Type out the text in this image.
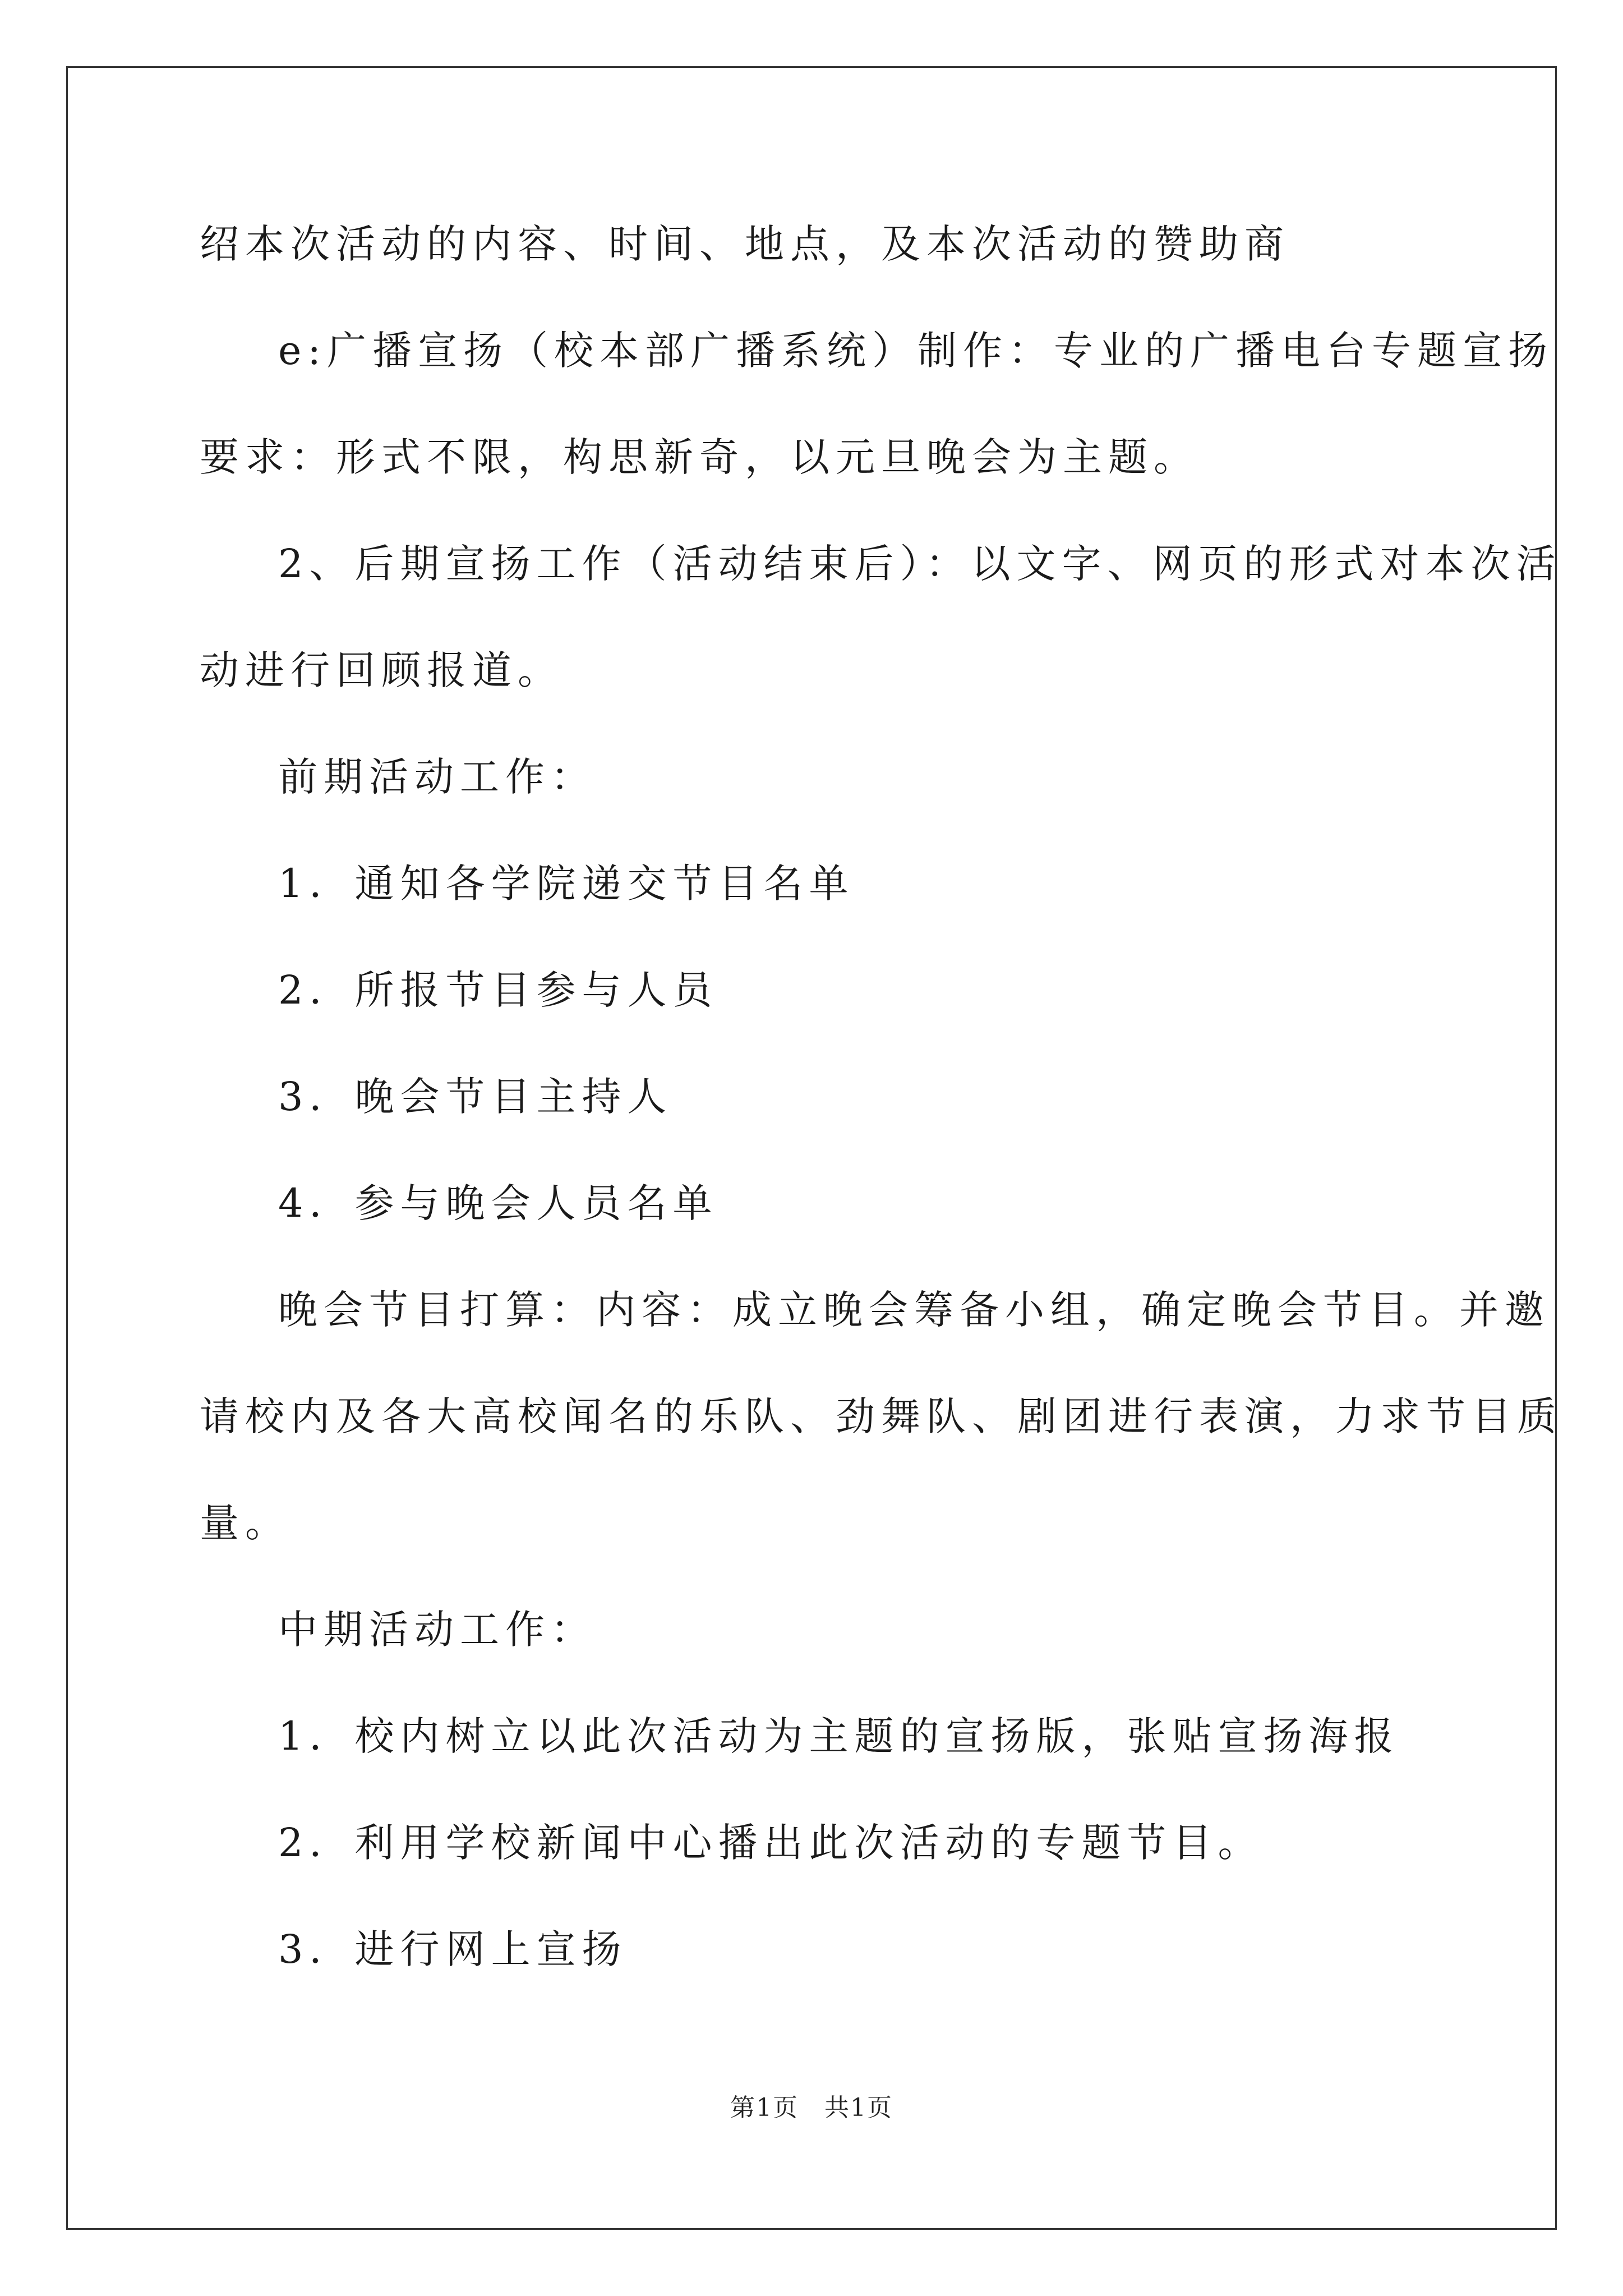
绍本次活动的内容、时间、地点，及本次活动的赞助商
e:广播宣扬（校本部广播系统）制作：专业的广播电台专题宣扬
要求：形式不限，构思新奇，以元旦晚会为主题。
2、后期宣扬工作（活动结束后）：以文字、网页的形式对本次活
动进行回顾报道。
前期活动工作：
1．通知各学院递交节目名单
2．所报节目参与人员
3．晚会节目主持人
4．参与晚会人员名单
晚会节目打算：内容：成立晚会筹备小组，确定晚会节目。并邀
请校内及各大高校闻名的乐队、劲舞队、剧团进行表演，力求节目质
量。
中期活动工作：
1．校内树立以此次活动为主题的宣扬版，张贴宣扬海报
2．利用学校新闻中心播出此次活动的专题节目。
3．进行网上宣扬
第1页　共1页
